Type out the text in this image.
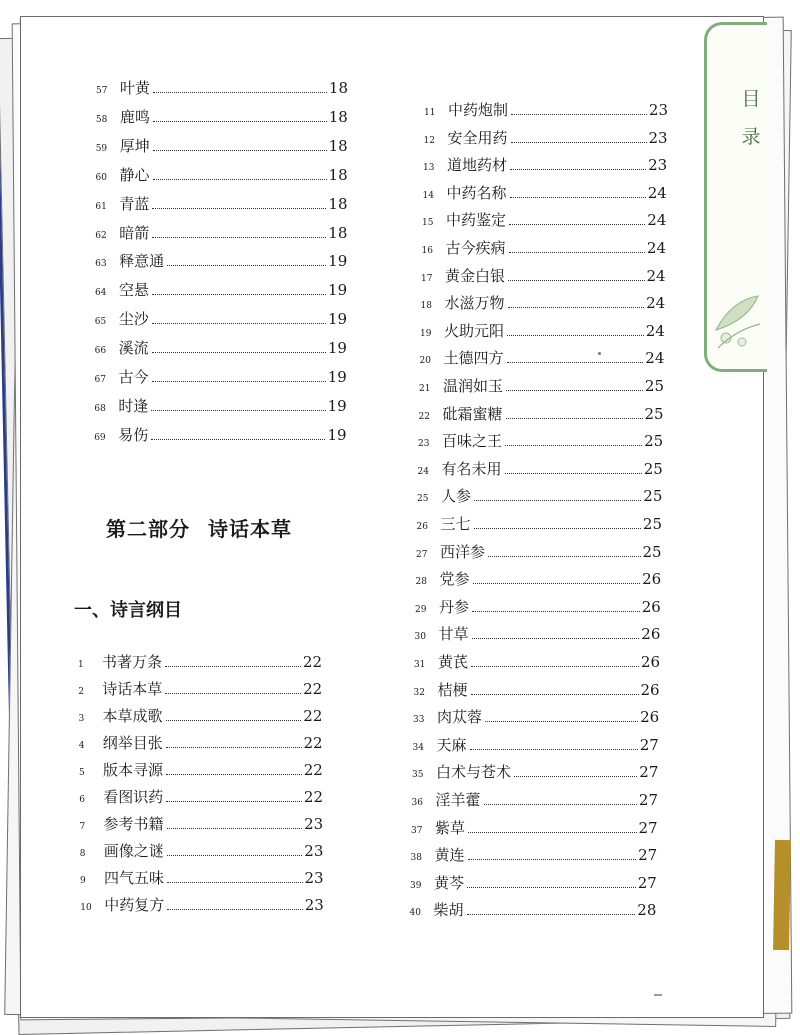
目录
第二部分 诗话本草
一、诗言纲目
57 叶黄	18
58 鹿鸣	18
59 厚坤	18
60 静心	18
61 青蓝	18
62 暗箭	18
63 释意通	19
64 空悬	19
65 尘沙	19
66 溪流	19
67 古今	19
68 时逢	19
69 易伤	19
1	书著万条	22
2	诗话本草	22
3	本草成歌	22
4	纲举目张	22
5	版本寻源	22
6	看图识药	22
7	参考书籍	23
8	画像之谜	23
9	四气五味	23
10 中药复方	23
11 中药炮制	23
12 安全用药	23
13 道地药材	23
14 中药名称	24
15 中药鉴定	24
16 古今疾病	24
17 黄金白银	24
18 水滋万物	24
19 火助元阳	24
20 土德四方	24
21 温润如玉	25
22 砒霜蜜糖	25
23 百味之王	25
24 有名未用	25
25 人参	25
26 三七	25
27 西洋参	25
28 党参	26
29 丹参	26
30 甘草	26
31 黄芪	26
32 桔梗	26
33 肉苁蓉	26
34 天麻	27
35 白术与苍术	27
36 淫羊藿	27
37 紫草	27
38 黄连	27
39 黄芩	27
40 柴胡	28
